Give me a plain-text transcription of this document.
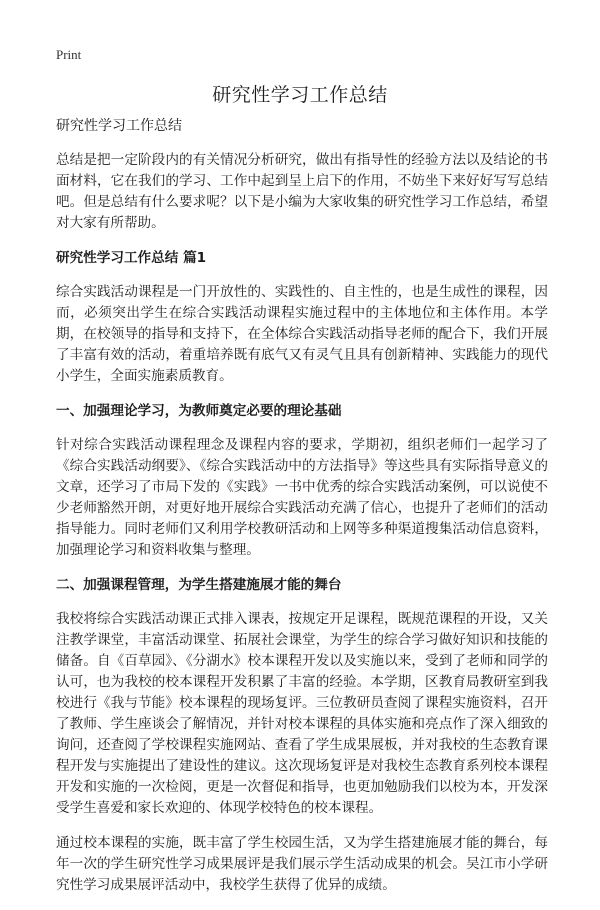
Print
研究性学习工作总结

研究性学习工作总结

总结是把一定阶段内的有关情况分析研究，做出有指导性的经验方法以及结论的书面材料，它在我们的学习、工作中起到呈上启下的作用，不妨坐下来好好写写总结吧。但是总结有什么要求呢？以下是小编为大家收集的研究性学习工作总结，希望对大家有所帮助。

研究性学习工作总结 篇1

综合实践活动课程是一门开放性的、实践性的、自主性的，也是生成性的课程，因而，必须突出学生在综合实践活动课程实施过程中的主体地位和主体作用。本学期，在校领导的指导和支持下，在全体综合实践活动指导老师的配合下，我们开展了丰富有效的活动，着重培养既有底气又有灵气且具有创新精神、实践能力的现代小学生，全面实施素质教育。

一、加强理论学习，为教师奠定必要的理论基础

针对综合实践活动课程理念及课程内容的要求，学期初，组织老师们一起学习了《综合实践活动纲要》、《综合实践活动中的方法指导》等这些具有实际指导意义的文章，还学习了市局下发的《实践》一书中优秀的综合实践活动案例，可以说使不少老师豁然开朗，对更好地开展综合实践活动充满了信心，也提升了老师们的活动指导能力。同时老师们又利用学校教研活动和上网等多种渠道搜集活动信息资料，加强理论学习和资料收集与整理。

二、加强课程管理，为学生搭建施展才能的舞台

我校将综合实践活动课正式排入课表，按规定开足课程，既规范课程的开设，又关注教学课堂，丰富活动课堂、拓展社会课堂，为学生的综合学习做好知识和技能的储备。自《百草园》、《分湖水》校本课程开发以及实施以来，受到了老师和同学的认可，也为我校的校本课程开发积累了丰富的经验。本学期，区教育局教研室到我校进行《我与节能》校本课程的现场复评。三位教研员查阅了课程实施资料，召开了教师、学生座谈会了解情况，并针对校本课程的具体实施和亮点作了深入细致的询问，还查阅了学校课程实施网站、查看了学生成果展板，并对我校的生态教育课程开发与实施提出了建设性的建议。这次现场复评是对我校生态教育系列校本课程开发和实施的一次检阅，更是一次督促和指导，也更加勉励我们以校为本，开发深受学生喜爱和家长欢迎的、体现学校特色的校本课程。

通过校本课程的实施，既丰富了学生校园生活，又为学生搭建施展才能的舞台，每年一次的学生研究性学习成果展评是我们展示学生活动成果的机会。吴江市小学研究性学习成果展评活动中，我校学生获得了优异的成绩。
